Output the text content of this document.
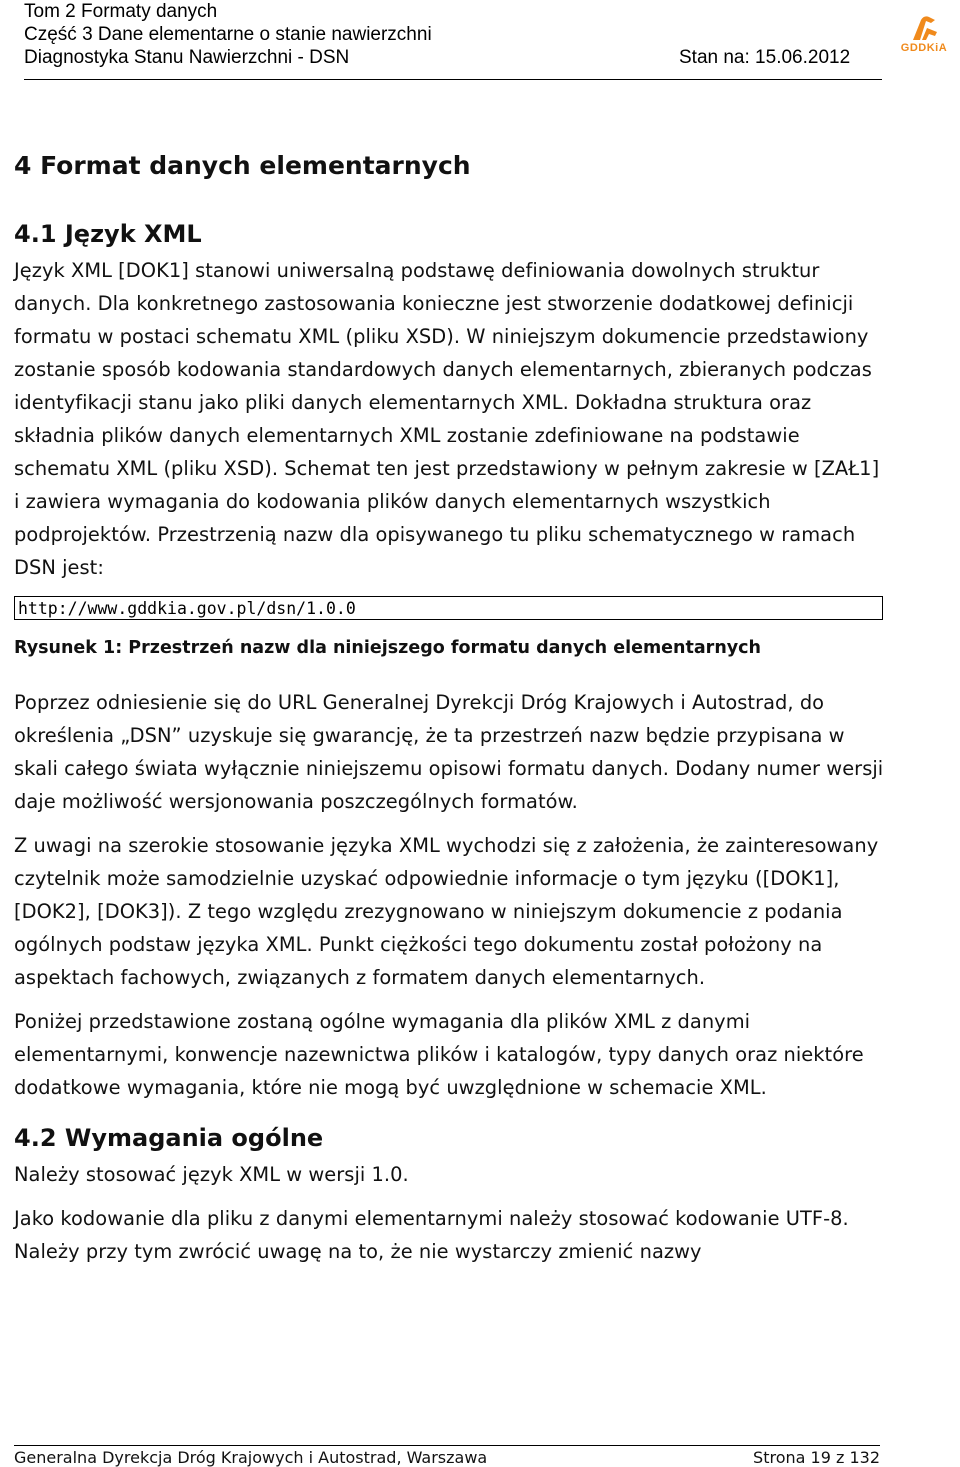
Tom 2 Formaty danych
Część 3 Dane elementarne o stanie nawierzchni
Diagnostyka Stanu Nawierzchni - DSN	Stan na: 15.06.2012	GDDKiA
4 Format danych elementarnych
4.1 Język XML

Język XML [DOK1] stanowi uniwersalną podstawę definiowania dowolnych struktur danych. Dla konkretnego zastosowania konieczne jest stworzenie dodatkowej definicji formatu w postaci schematu XML (pliku XSD). W niniejszym dokumencie przedstawiony zostanie sposób kodowania standardowych danych elementarnych, zbieranych podczas identyfikacji stanu jako pliki danych elementarnych XML. Dokładna struktura oraz składnia plików danych elementarnych XML zostanie zdefiniowane na podstawie schematu XML (pliku XSD). Schemat ten jest przedstawiony w pełnym zakresie w [ZAŁ1] i zawiera wymagania do kodowania plików danych elementarnych wszystkich podprojektów. Przestrzenią nazw dla opisywanego tu pliku schematycznego w ramach DSN jest:

http://www.gddkia.gov.pl/dsn/1.0.0
Rysunek 1: Przestrzeń nazw dla niniejszego formatu danych elementarnych

Poprzez odniesienie się do URL Generalnej Dyrekcji Dróg Krajowych i Autostrad, do określenia „DSN” uzyskuje się gwarancję, że ta przestrzeń nazw będzie przypisana w skali całego świata wyłącznie niniejszemu opisowi formatu danych. Dodany numer wersji daje możliwość wersjonowania poszczególnych formatów.

Z uwagi na szerokie stosowanie języka XML wychodzi się z założenia, że zainteresowany czytelnik może samodzielnie uzyskać odpowiednie informacje o tym języku ([DOK1], [DOK2], [DOK3]). Z tego względu zrezygnowano w niniejszym dokumencie z podania ogólnych podstaw języka XML. Punkt ciężkości tego dokumentu został położony na aspektach fachowych, związanych z formatem danych elementarnych.

Poniżej przedstawione zostaną ogólne wymagania dla plików XML z danymi elementarnymi, konwencje nazewnictwa plików i katalogów, typy danych oraz niektóre dodatkowe wymagania, które nie mogą być uwzględnione w schemacie XML.

4.2 Wymagania ogólne

Należy stosować język XML w wersji 1.0.

Jako kodowanie dla pliku z danymi elementarnymi należy stosować kodowanie UTF-8. Należy przy tym zwrócić uwagę na to, że nie wystarczy zmienić nazwy

Generalna Dyrekcja Dróg Krajowych i Autostrad, Warszawa	Strona 19 z 132
